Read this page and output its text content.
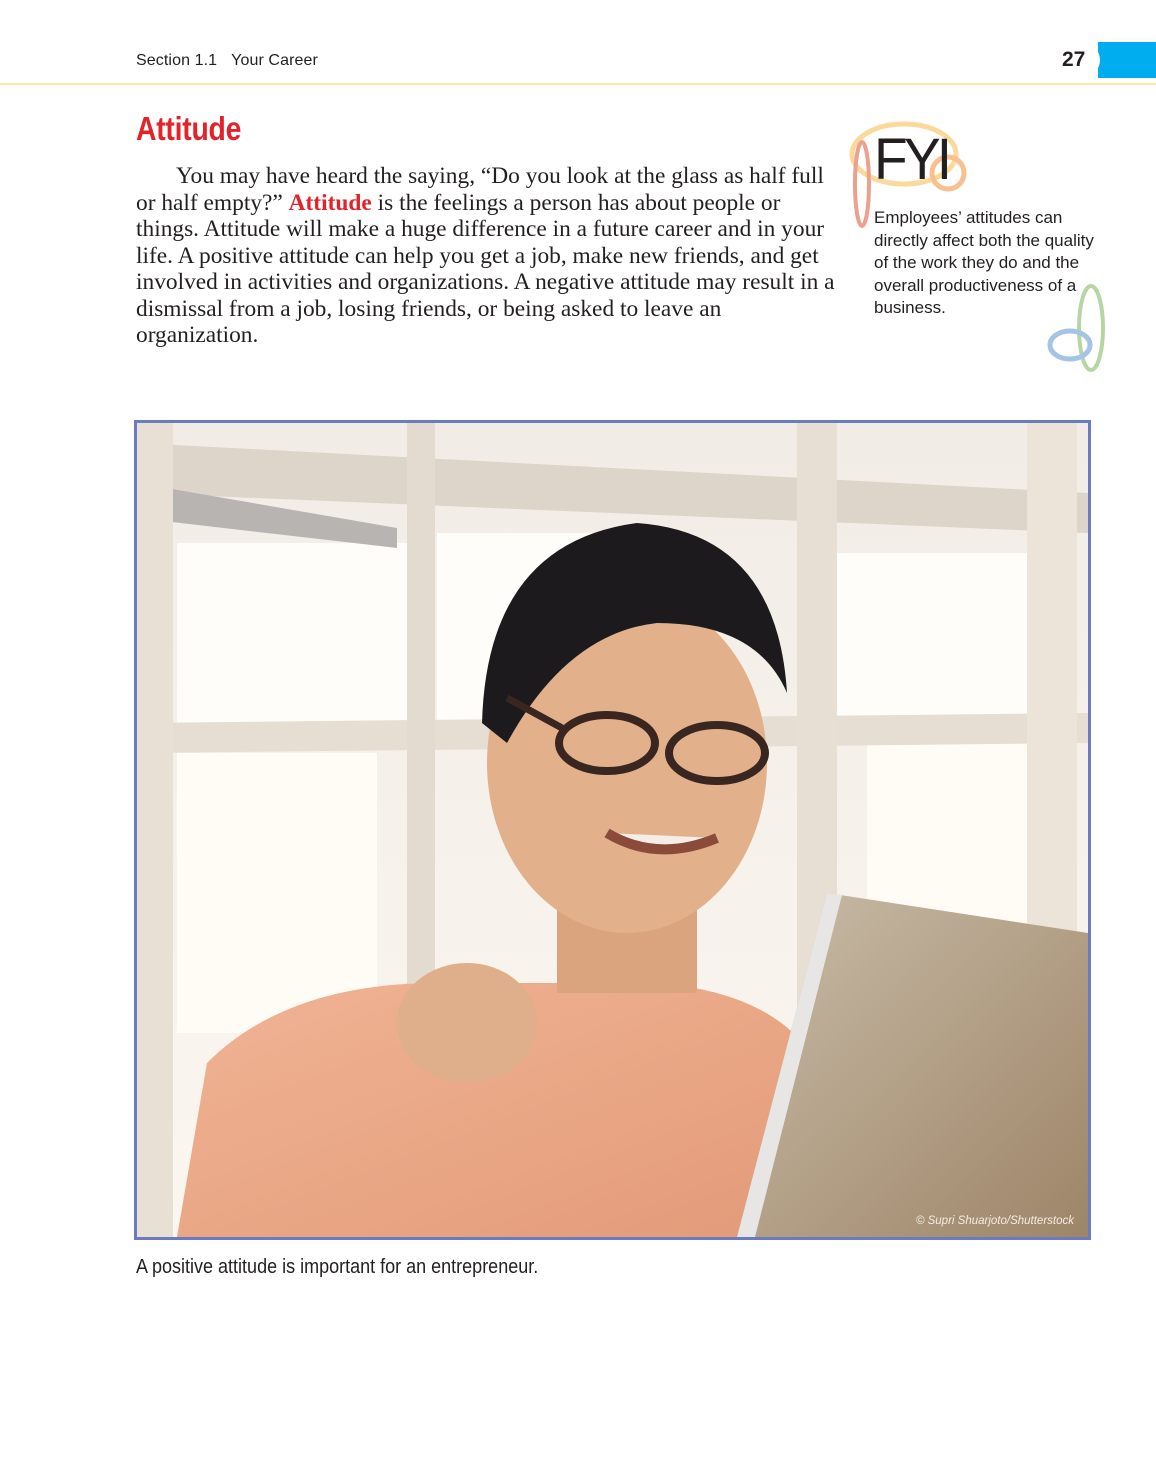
Section 1.1 Your Career	27
Attitude

You may have heard the saying, “Do you look at the glass as half full or half empty?” Attitude is the feelings a person has about people or things. Attitude will make a huge difference in a future career and in your life. A positive attitude can help you get a job, make new friends, and get involved in activities and organizations. A negative attitude may result in a dismissal from a job, losing friends, or being asked to leave an organization.

FYI
Employees’ attitudes can directly affect both the quality of the work they do and the overall productiveness of a business.
© Supri Shuarjoto/Shutterstock

A positive attitude is important for an entrepreneur.
